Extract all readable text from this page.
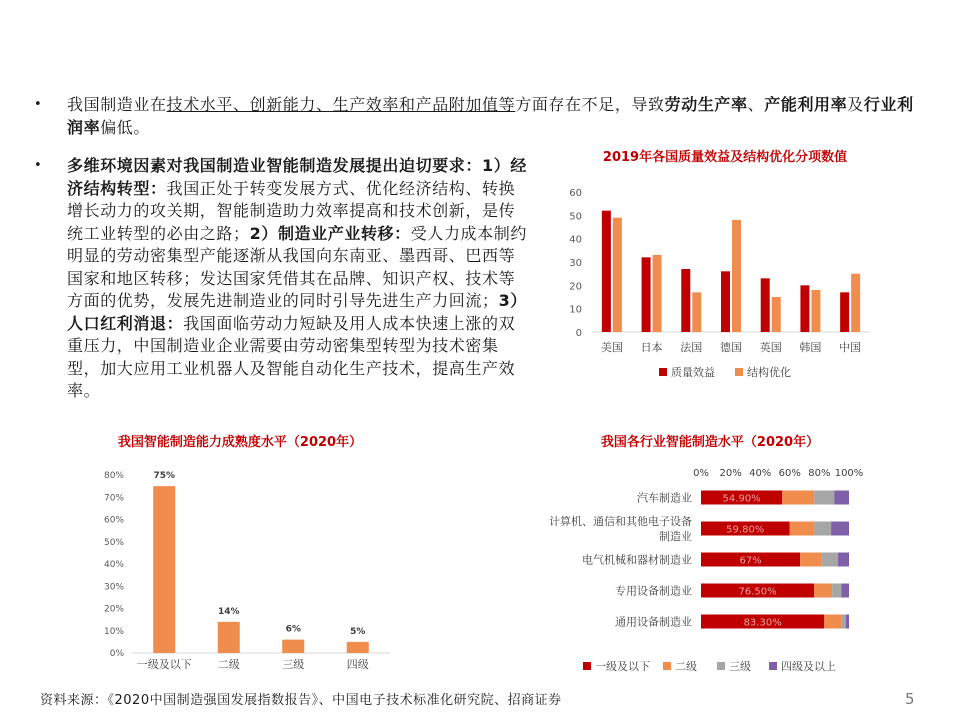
• 我国制造业在技术水平、创新能力、生产效率和产品附加值等方面存在不足，导致劳动生产率、产能利用率及行业利润率偏低。
• 多维环境因素对我国制造业智能制造发展提出迫切要求：1）经济结构转型：我国正处于转变发展方式、优化经济结构、转换增长动力的攻关期，智能制造助力效率提高和技术创新，是传统工业转型的必由之路；2）制造业产业转移：受人力成本制约明显的劳动密集型产能逐渐从我国向东南亚、墨西哥、巴西等国家和地区转移；发达国家凭借其在品牌、知识产权、技术等方面的优势，发展先进制造业的同时引导先进生产力回流；3）人口红利消退：我国面临劳动力短缺及用人成本快速上涨的双重压力，中国制造业企业需要由劳动密集型转型为技术密集型，加大应用工业机器人及智能自动化生产技术，提高生产效率。
2019年各国质量效益及结构优化分项数值
我国智能制造能力成熟度水平（2020年）	我国各行业智能制造水平（2020年）
0
10
20
30
40
50
60
美国 日本 法国 德国 英国 韩国 中国
质量效益	结构优化
0%
10%
20%
30%
40%
50%
60%
70%
80%	75%
一级及以下
14%
二级
6%
三级
5%
四级
0% 20% 40% 60% 80% 100%
54.90%
汽车制造业
59.80%
计算机、通信和其他电子设备
制造业
67%
电气机械和器材制造业
76.50%
专用设备制造业
83.30%
通用设备制造业
一级及以下 二级	三级	四级及以上
资料来源：《2020中国制造强国发展指数报告》、中国电子技术标准化研究院、招商证券	5
